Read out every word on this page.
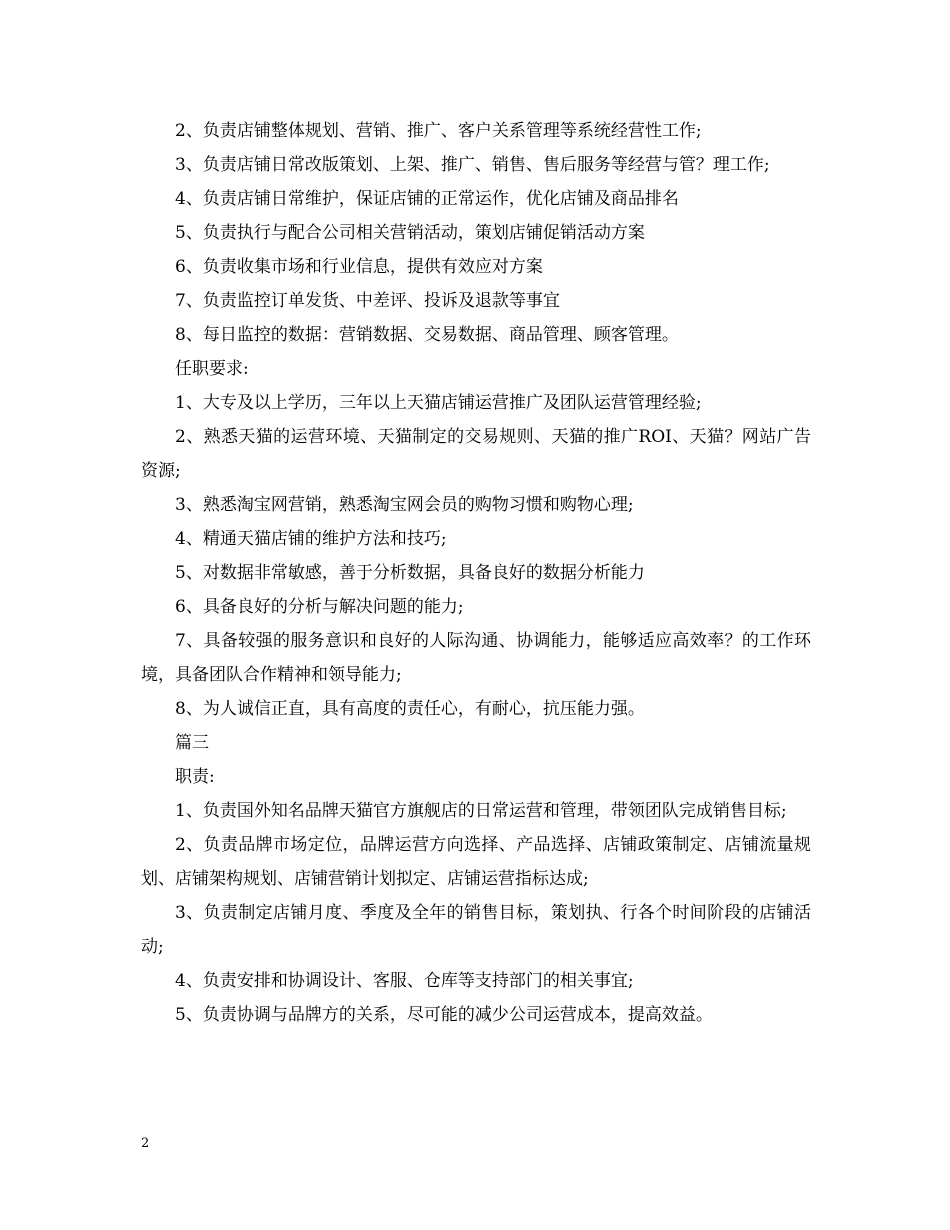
2、负责店铺整体规划、营销、推广、客户关系管理等系统经营性工作;

3、负责店铺日常改版策划、上架、推广、销售、售后服务等经营与管？理工作;

4、负责店铺日常维护，保证店铺的正常运作，优化店铺及商品排名

5、负责执行与配合公司相关营销活动，策划店铺促销活动方案

6、负责收集市场和行业信息，提供有效应对方案

7、负责监控订单发货、中差评、投诉及退款等事宜

8、每日监控的数据：营销数据、交易数据、商品管理、顾客管理。

任职要求:

1、大专及以上学历，三年以上天猫店铺运营推广及团队运营管理经验;

2、熟悉天猫的运营环境、天猫制定的交易规则、天猫的推广ROI、天猫？网站广告资源;

3、熟悉淘宝网营销，熟悉淘宝网会员的购物习惯和购物心理;

4、精通天猫店铺的维护方法和技巧;

5、对数据非常敏感，善于分析数据，具备良好的数据分析能力

6、具备良好的分析与解决问题的能力;

7、具备较强的服务意识和良好的人际沟通、协调能力，能够适应高效率？的工作环境，具备团队合作精神和领导能力;

8、为人诚信正直，具有高度的责任心，有耐心，抗压能力强。

篇三

职责:

1、负责国外知名品牌天猫官方旗舰店的日常运营和管理，带领团队完成销售目标;

2、负责品牌市场定位，品牌运营方向选择、产品选择、店铺政策制定、店铺流量规划、店铺架构规划、店铺营销计划拟定、店铺运营指标达成;

3、负责制定店铺月度、季度及全年的销售目标，策划执、行各个时间阶段的店铺活动;

4、负责安排和协调设计、客服、仓库等支持部门的相关事宜;

5、负责协调与品牌方的关系，尽可能的减少公司运营成本，提高效益。

2
